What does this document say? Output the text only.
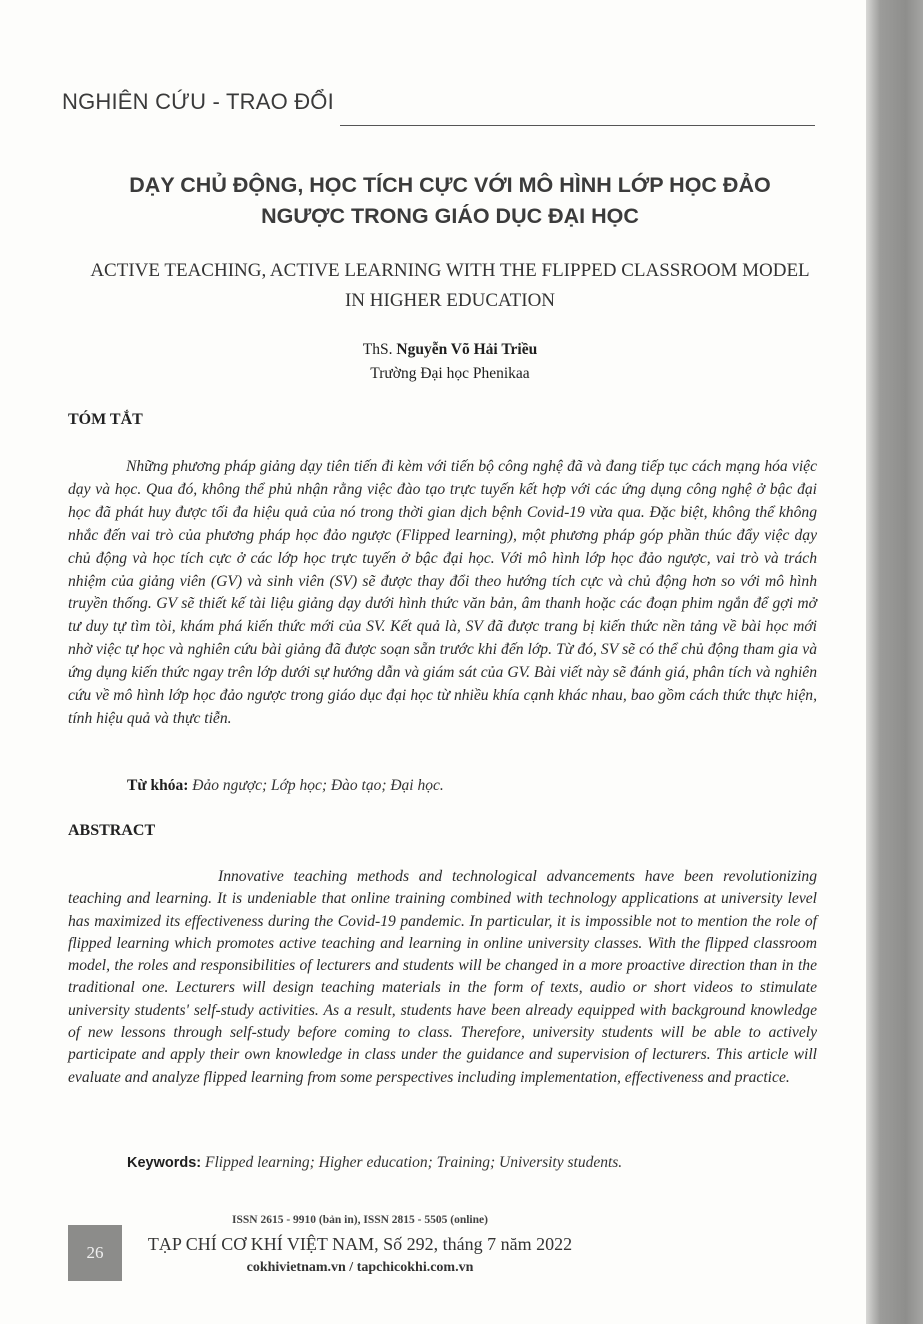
NGHIÊN CỨU - TRAO ĐỔI
DẠY CHỦ ĐỘNG, HỌC TÍCH CỰC VỚI MÔ HÌNH LỚP HỌC ĐẢO NGƯỢC TRONG GIÁO DỤC ĐẠI HỌC
ACTIVE TEACHING, ACTIVE LEARNING WITH THE FLIPPED CLASSROOM MODEL IN HIGHER EDUCATION
ThS. Nguyễn Võ Hải Triều
Trường Đại học Phenikaa
TÓM TẮT
Những phương pháp giảng dạy tiên tiến đi kèm với tiến bộ công nghệ đã và đang tiếp tục cách mạng hóa việc dạy và học. Qua đó, không thể phủ nhận rằng việc đào tạo trực tuyến kết hợp với các ứng dụng công nghệ ở bậc đại học đã phát huy được tối đa hiệu quả của nó trong thời gian dịch bệnh Covid-19 vừa qua. Đặc biệt, không thể không nhắc đến vai trò của phương pháp học đảo ngược (Flipped learning), một phương pháp góp phần thúc đẩy việc dạy chủ động và học tích cực ở các lớp học trực tuyến ở bậc đại học. Với mô hình lớp học đảo ngược, vai trò và trách nhiệm của giảng viên (GV) và sinh viên (SV) sẽ được thay đổi theo hướng tích cực và chủ động hơn so với mô hình truyền thống. GV sẽ thiết kế tài liệu giảng dạy dưới hình thức văn bản, âm thanh hoặc các đoạn phim ngắn để gợi mở tư duy tự tìm tòi, khám phá kiến thức mới của SV. Kết quả là, SV đã được trang bị kiến thức nền tảng về bài học mới nhờ việc tự học và nghiên cứu bài giảng đã được soạn sẵn trước khi đến lớp. Từ đó, SV sẽ có thể chủ động tham gia và ứng dụng kiến thức ngay trên lớp dưới sự hướng dẫn và giám sát của GV. Bài viết này sẽ đánh giá, phân tích và nghiên cứu về mô hình lớp học đảo ngược trong giáo dục đại học từ nhiều khía cạnh khác nhau, bao gồm cách thức thực hiện, tính hiệu quả và thực tiễn.
Từ khóa: Đảo ngược; Lớp học; Đào tạo; Đại học.
ABSTRACT
Innovative teaching methods and technological advancements have been revolutionizing teaching and learning. It is undeniable that online training combined with technology applications at university level has maximized its effectiveness during the Covid-19 pandemic. In particular, it is impossible not to mention the role of flipped learning which promotes active teaching and learning in online university classes. With the flipped classroom model, the roles and responsibilities of lecturers and students will be changed in a more proactive direction than in the traditional one. Lecturers will design teaching materials in the form of texts, audio or short videos to stimulate university students' self-study activities. As a result, students have been already equipped with background knowledge of new lessons through self-study before coming to class. Therefore, university students will be able to actively participate and apply their own knowledge in class under the guidance and supervision of lecturers. This article will evaluate and analyze flipped learning from some perspectives including implementation, effectiveness and practice.
Keywords: Flipped learning; Higher education; Training; University students.
26
ISSN 2615 - 9910 (bản in), ISSN 2815 - 5505 (online)
TẠP CHÍ CƠ KHÍ VIỆT NAM, Số 292, tháng 7 năm 2022
cokhivietnam.vn / tapchicokhi.com.vn
